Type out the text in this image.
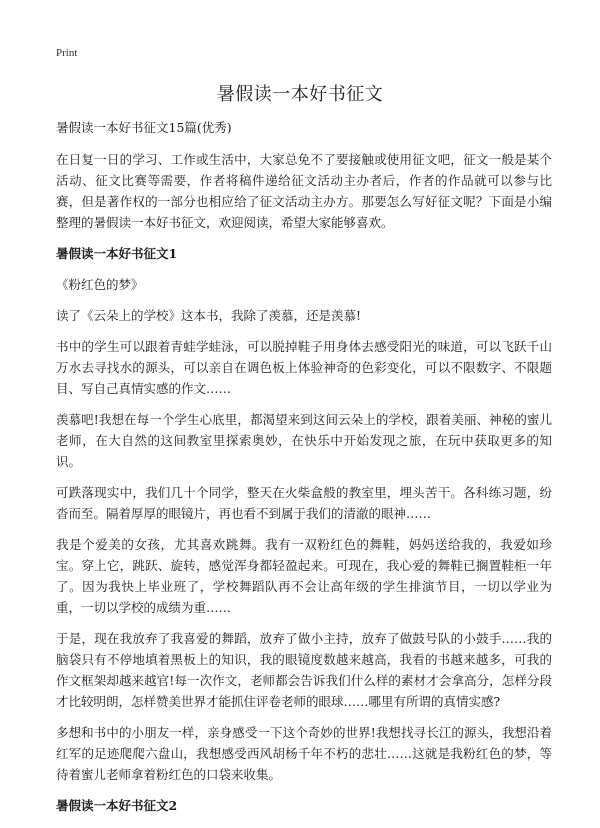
Print
暑假读一本好书征文

暑假读一本好书征文15篇(优秀)

在日复一日的学习、工作或生活中，大家总免不了要接触或使用征文吧，征文一般是某个活动、征文比赛等需要，作者将稿件递给征文活动主办者后，作者的作品就可以参与比赛，但是著作权的一部分也相应给了征文活动主办方。那要怎么写好征文呢？下面是小编整理的暑假读一本好书征文，欢迎阅读，希望大家能够喜欢。

暑假读一本好书征文1

《粉红色的梦》

读了《云朵上的学校》这本书，我除了羡慕，还是羡慕!

书中的学生可以跟着青蛙学蛙泳，可以脱掉鞋子用身体去感受阳光的味道，可以飞跃千山万水去寻找水的源头，可以亲自在调色板上体验神奇的色彩变化，可以不限数字、不限题目、写自己真情实感的作文……

羡慕吧!我想在每一个学生心底里，都渴望来到这间云朵上的学校，跟着美丽、神秘的蜜儿老师，在大自然的这间教室里探索奥妙，在快乐中开始发现之旅，在玩中获取更多的知识。

可跌落现实中，我们几十个同学，整天在火柴盒般的教室里，埋头苦干。各科练习题，纷沓而至。隔着厚厚的眼镜片，再也看不到属于我们的清澈的眼神……

我是个爱美的女孩，尤其喜欢跳舞。我有一双粉红色的舞鞋，妈妈送给我的，我爱如珍宝。穿上它，跳跃、旋转，感觉浑身都轻盈起来。可现在，我心爱的舞鞋已搁置鞋柜一年了。因为我快上毕业班了，学校舞蹈队再不会让高年级的学生排演节目，一切以学业为重，一切以学校的成绩为重……

于是，现在我放弃了我喜爱的舞蹈，放弃了做小主持，放弃了做鼓号队的小鼓手……我的脑袋只有不停地填着黑板上的知识，我的眼镜度数越来越高，我看的书越来越多，可我的作文框架却越来越官!每一次作文，老师都会告诉我们什么样的素材才会拿高分，怎样分段才比较明朗，怎样赞美世界才能抓住评卷老师的眼球……哪里有所谓的真情实感?

多想和书中的小朋友一样，亲身感受一下这个奇妙的世界!我想找寻长江的源头，我想沿着红军的足迹爬爬六盘山，我想感受西风胡杨千年不朽的悲壮……这就是我粉红色的梦，等待着蜜儿老师拿着粉红色的口袋来收集。

暑假读一本好书征文2
